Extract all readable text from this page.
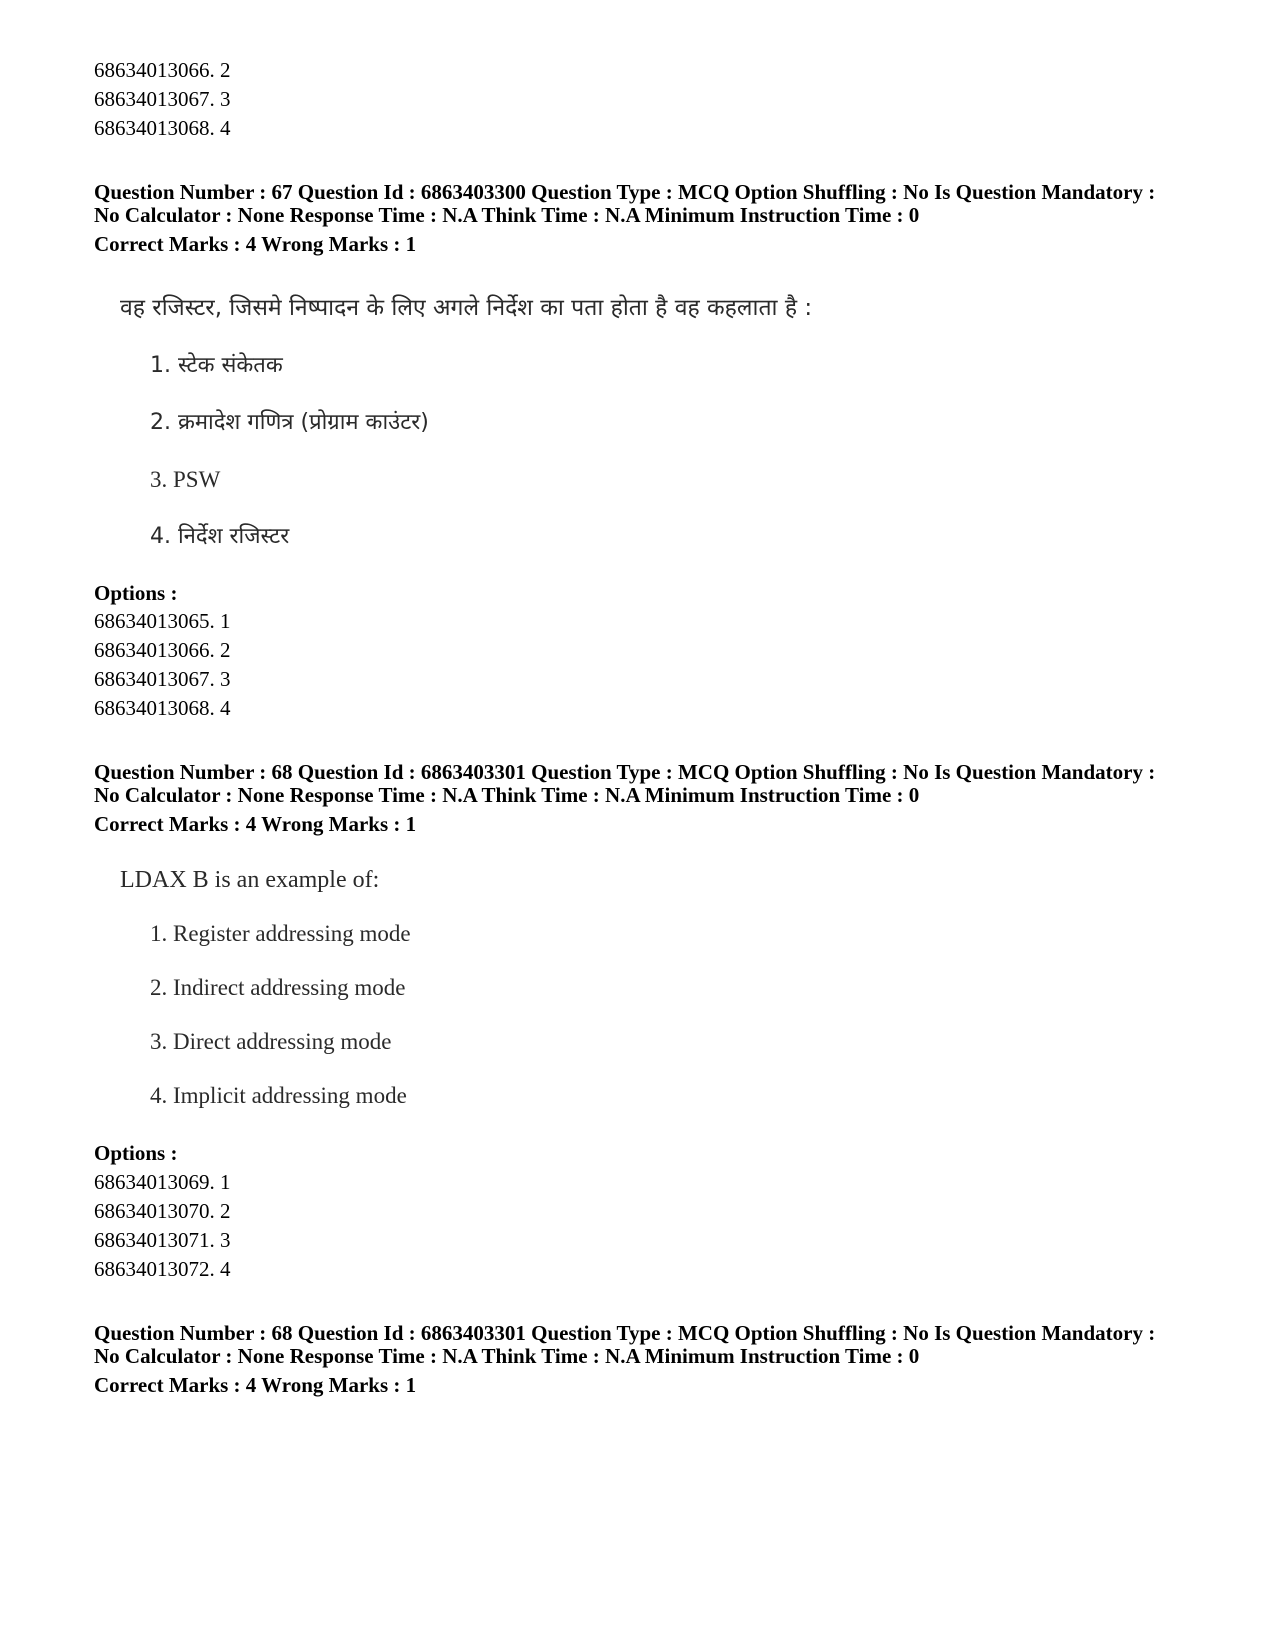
68634013066. 2
68634013067. 3
68634013068. 4
Question Number : 67 Question Id : 6863403300 Question Type : MCQ Option Shuffling : No Is Question Mandatory :
No Calculator : None Response Time : N.A Think Time : N.A Minimum Instruction Time : 0
Correct Marks : 4 Wrong Marks : 1
वह रजिस्टर, जिसमे निष्पादन के लिए अगले निर्देश का पता होता है वह कहलाता है :
1. स्टेक संकेतक
2. क्रमादेश गणित्र (प्रोग्राम काउंटर)
3. PSW
4. निर्देश रजिस्टर
Options :
68634013065. 1
68634013066. 2
68634013067. 3
68634013068. 4
Question Number : 68 Question Id : 6863403301 Question Type : MCQ Option Shuffling : No Is Question Mandatory :
No Calculator : None Response Time : N.A Think Time : N.A Minimum Instruction Time : 0
Correct Marks : 4 Wrong Marks : 1
LDAX B is an example of:
1. Register addressing mode
2. Indirect addressing mode
3. Direct addressing mode
4. Implicit addressing mode
Options :
68634013069. 1
68634013070. 2
68634013071. 3
68634013072. 4
Question Number : 68 Question Id : 6863403301 Question Type : MCQ Option Shuffling : No Is Question Mandatory :
No Calculator : None Response Time : N.A Think Time : N.A Minimum Instruction Time : 0
Correct Marks : 4 Wrong Marks : 1
